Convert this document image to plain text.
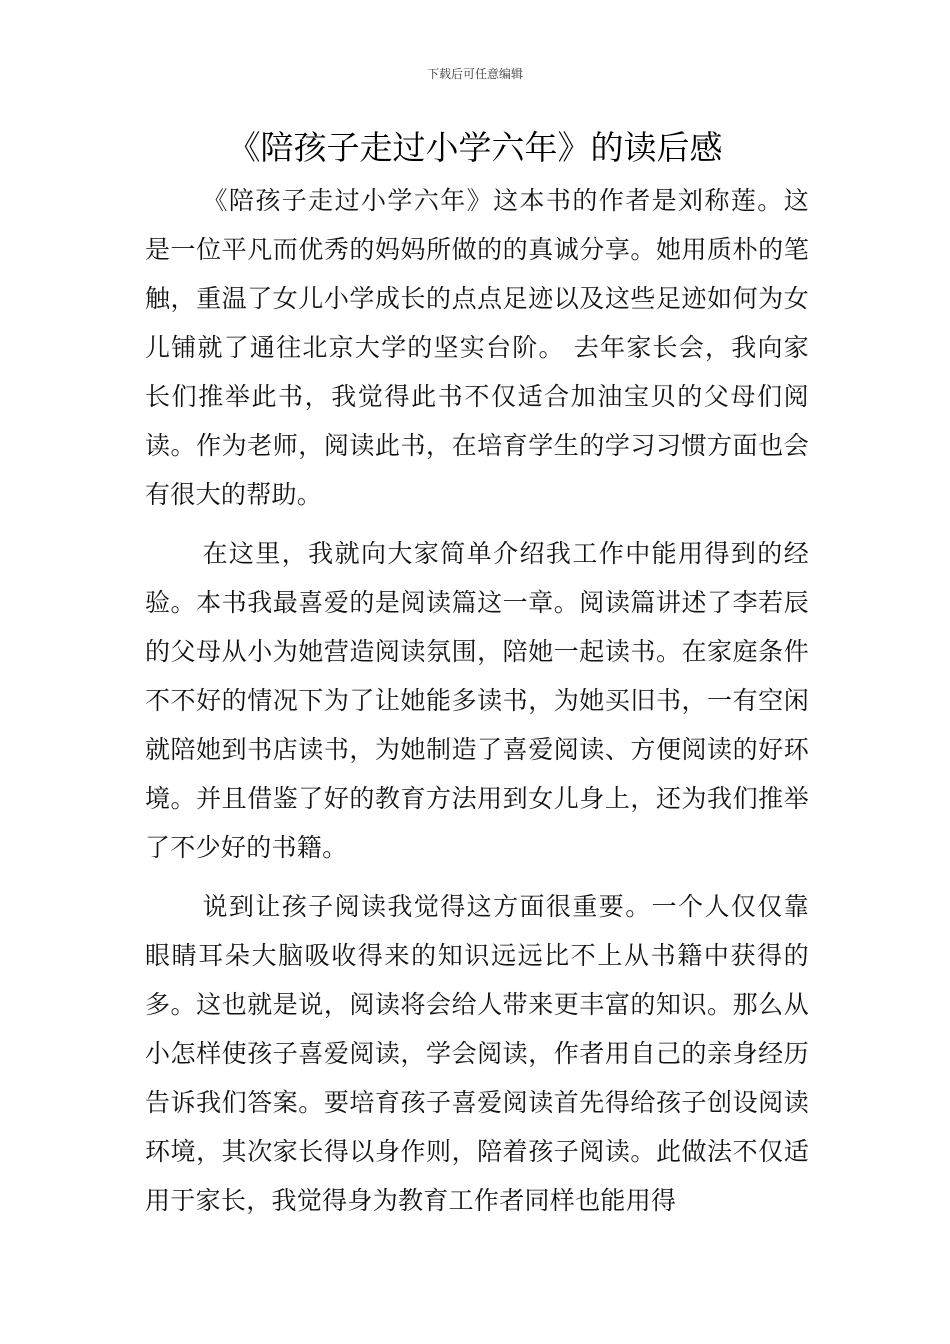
下载后可任意编辑
《陪孩子走过小学六年》的读后感

《陪孩子走过小学六年》这本书的作者是刘称莲。这是一位平凡而优秀的妈妈所做的的真诚分享。她用质朴的笔触，重温了女儿小学成长的点点足迹以及这些足迹如何为女儿铺就了通往北京大学的坚实台阶。 去年家长会，我向家长们推举此书，我觉得此书不仅适合加油宝贝的父母们阅读。作为老师，阅读此书，在培育学生的学习习惯方面也会有很大的帮助。

在这里，我就向大家简单介绍我工作中能用得到的经验。本书我最喜爱的是阅读篇这一章。阅读篇讲述了李若辰的父母从小为她营造阅读氛围，陪她一起读书。在家庭条件不不好的情况下为了让她能多读书，为她买旧书，一有空闲就陪她到书店读书，为她制造了喜爱阅读、方便阅读的好环境。并且借鉴了好的教育方法用到女儿身上，还为我们推举了不少好的书籍。

说到让孩子阅读我觉得这方面很重要。一个人仅仅靠眼睛耳朵大脑吸收得来的知识远远比不上从书籍中获得的多。这也就是说，阅读将会给人带来更丰富的知识。那么从小怎样使孩子喜爱阅读，学会阅读，作者用自己的亲身经历告诉我们答案。要培育孩子喜爱阅读首先得给孩子创设阅读环境，其次家长得以身作则，陪着孩子阅读。此做法不仅适用于家长，我觉得身为教育工作者同样也能用得
